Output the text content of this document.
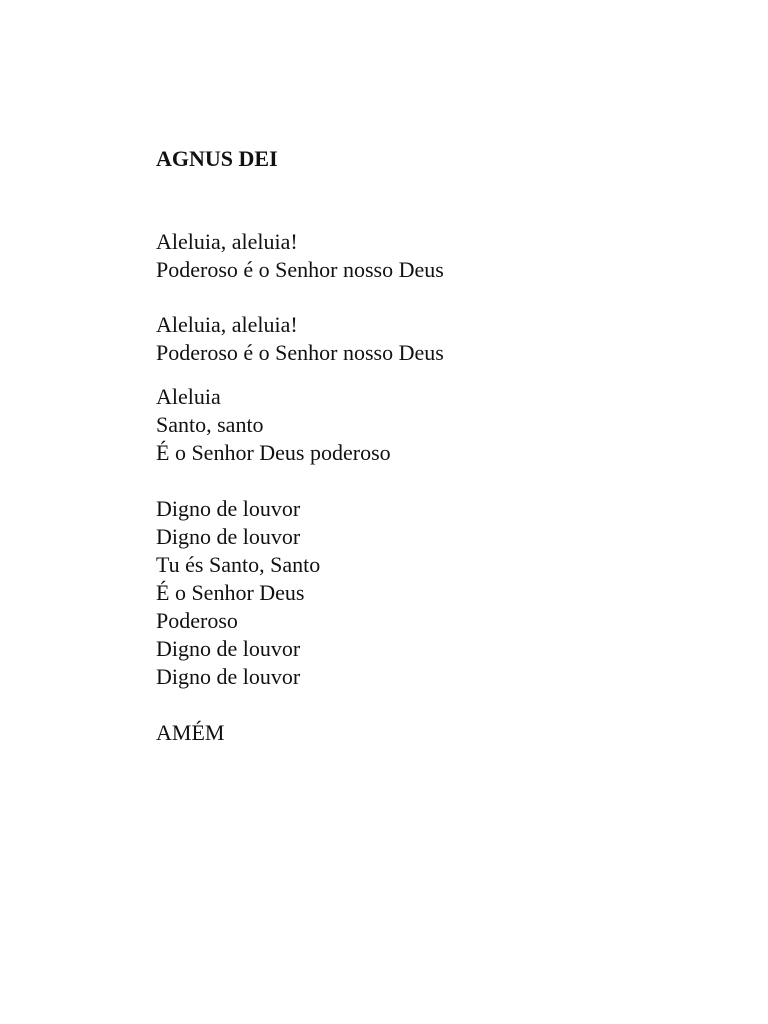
AGNUS DEI
Aleluia, aleluia!
Poderoso é o Senhor nosso Deus
Aleluia, aleluia!
Poderoso é o Senhor nosso Deus
Aleluia
Santo, santo
É o Senhor Deus poderoso
Digno de louvor
Digno de louvor
Tu és Santo, Santo
É o Senhor Deus
Poderoso
Digno de louvor
Digno de louvor
AMÉM
